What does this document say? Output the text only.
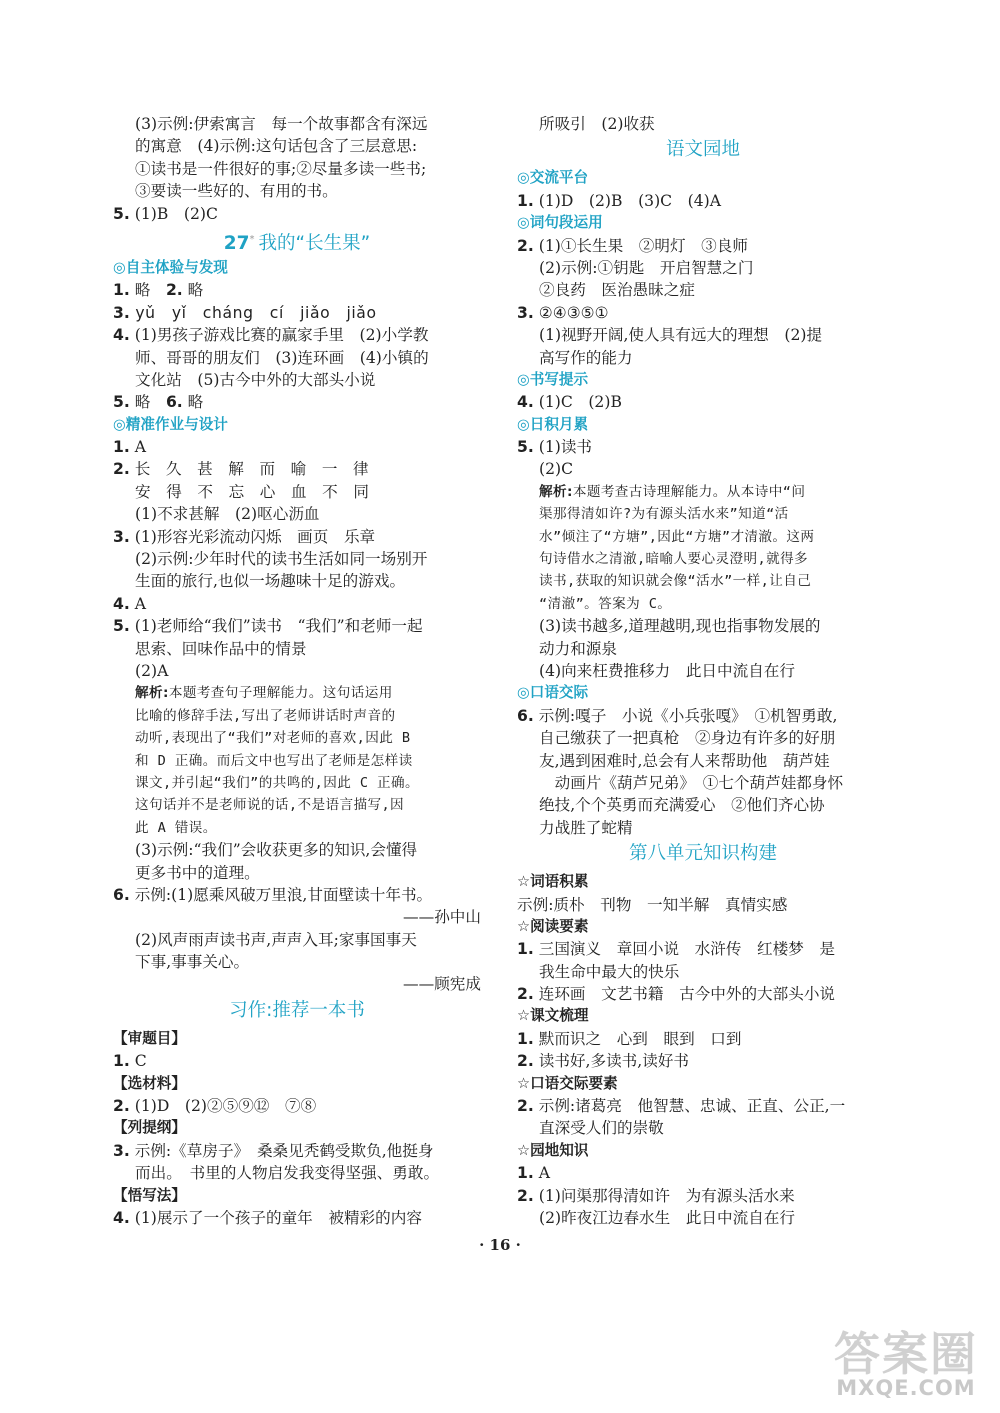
(3)示例:伊索寓言　每一个故事都含有深远
的寓意　(4)示例:这句话包含了三层意思:
①读书是一件很好的事;②尽量多读一些书;
③要读一些好的、有用的书。
5. (1)B　(2)C
27* 我的“长生果”
◎自主体验与发现
1. 略　2. 略
3. yǔ　yǐ　cháng　cí　jiǎo　jiǎo
4. (1)男孩子游戏比赛的赢家手里　(2)小学教
师、哥哥的朋友们　(3)连环画　(4)小镇的
文化站　(5)古今中外的大部头小说
5. 略　6. 略
◎精准作业与设计
1. A
2. 长　久　甚　解　而　喻　一　律
安　得　不　忘　心　血　不　同
(1)不求甚解　(2)呕心沥血
3. (1)形容光彩流动闪烁　画页　乐章
(2)示例:少年时代的读书生活如同一场别开
生面的旅行,也似一场趣味十足的游戏。
4. A
5. (1)老师给“我们”读书　“我们”和老师一起
思索、回味作品中的情景
(2)A
解析:本题考查句子理解能力。这句话运用
比喻的修辞手法,写出了老师讲话时声音的
动听,表现出了“我们”对老师的喜欢,因此 B
和 D 正确。而后文中也写出了老师是怎样读
课文,并引起“我们”的共鸣的,因此 C 正确。
这句话并不是老师说的话,不是语言描写,因
此 A 错误。
(3)示例:“我们”会收获更多的知识,会懂得
更多书中的道理。
6. 示例:(1)愿乘风破万里浪,甘面壁读十年书。
——孙中山
(2)风声雨声读书声,声声入耳;家事国事天
下事,事事关心。
——顾宪成
习作:推荐一本书
【审题目】
1. C
【选材料】
2. (1)D　(2)②⑤⑨⑫　⑦⑧
【列提纲】
3. 示例:《草房子》　桑桑见秃鹤受欺负,他挺身
而出。　书里的人物启发我变得坚强、勇敢。
【悟写法】
4. (1)展示了一个孩子的童年　被精彩的内容
所吸引　(2)收获
语文园地
◎交流平台
1. (1)D　(2)B　(3)C　(4)A
◎词句段运用
2. (1)①长生果　②明灯　③良师
(2)示例:①钥匙　开启智慧之门
②良药　医治愚昧之症
3. ②④③⑤①
(1)视野开阔,使人具有远大的理想　(2)提
高写作的能力
◎书写提示
4. (1)C　(2)B
◎日积月累
5. (1)读书
(2)C
解析:本题考查古诗理解能力。从本诗中“问
渠那得清如许?为有源头活水来”知道“活
水”倾注了“方塘”,因此“方塘”才清澈。这两
句诗借水之清澈,暗喻人要心灵澄明,就得多
读书,获取的知识就会像“活水”一样,让自己
“清澈”。答案为 C。
(3)读书越多,道理越明,现也指事物发展的
动力和源泉
(4)向来枉费推移力　此日中流自在行
◎口语交际
6. 示例:嘎子　小说《小兵张嘎》　①机智勇敢,
自己缴获了一把真枪　②身边有许多的好朋
友,遇到困难时,总会有人来帮助他　葫芦娃
　动画片《葫芦兄弟》　①七个葫芦娃都身怀
绝技,个个英勇而充满爱心　②他们齐心协
力战胜了蛇精
第八单元知识构建
☆词语积累
示例:质朴　刊物　一知半解　真情实感
☆阅读要素
1. 三国演义　章回小说　水浒传　红楼梦　是
我生命中最大的快乐
2. 连环画　文艺书籍　古今中外的大部头小说
☆课文梳理
1. 默而识之　心到　眼到　口到
2. 读书好,多读书,读好书
☆口语交际要素
2. 示例:诸葛亮　他智慧、忠诚、正直、公正,一
直深受人们的崇敬
☆园地知识
1. A
2. (1)问渠那得清如许　为有源头活水来
(2)昨夜江边春水生　此日中流自在行
· 16 ·
答案圈
MXQE.COM
